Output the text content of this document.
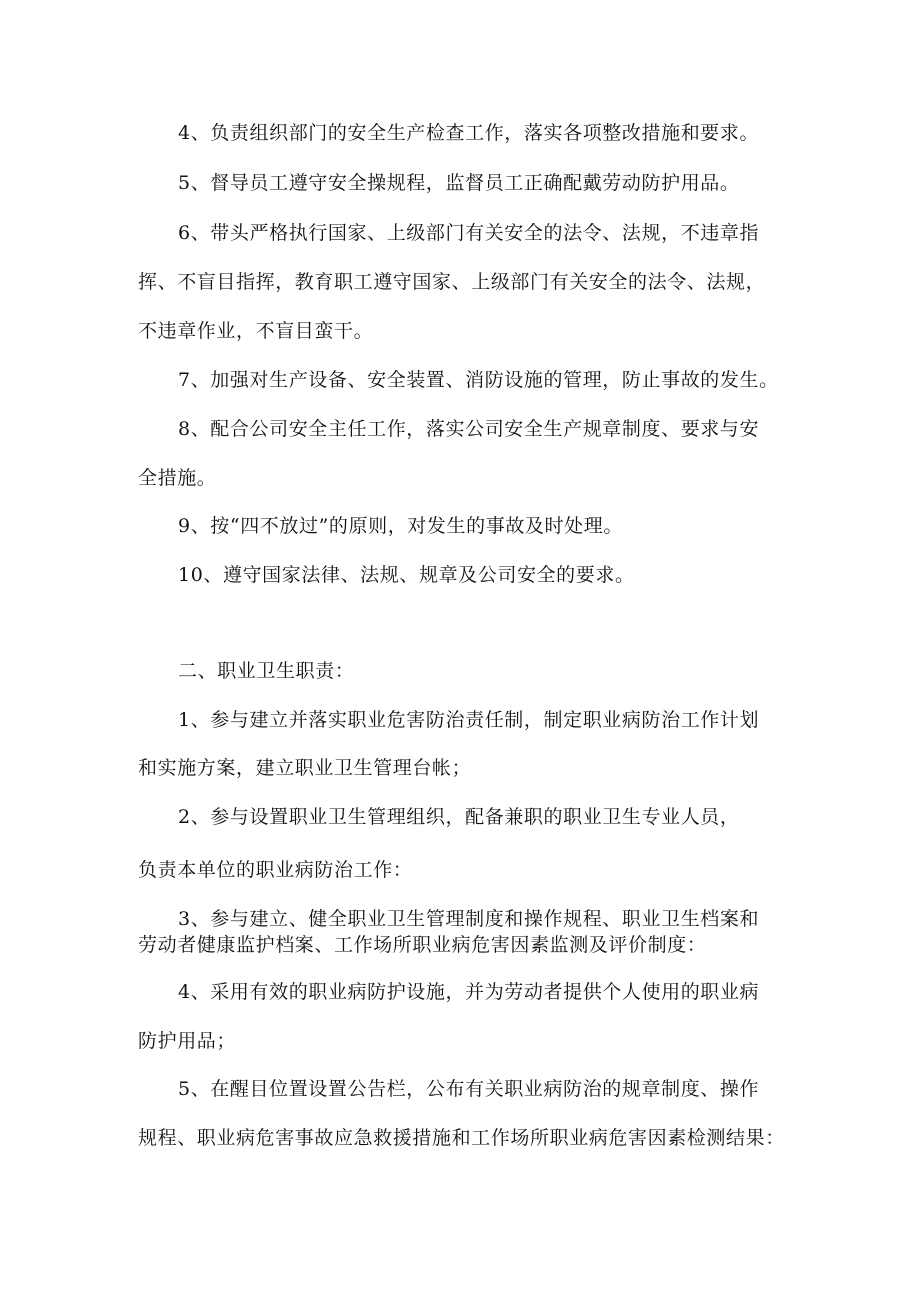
4、负责组织部门的安全生产检查工作，落实各项整改措施和要求。
5、督导员工遵守安全操规程，监督员工正确配戴劳动防护用品。
6、带头严格执行国家、上级部门有关安全的法令、法规，不违章指
挥、不盲目指挥，教育职工遵守国家、上级部门有关安全的法令、法规，
不违章作业，不盲目蛮干。
7、加强对生产设备、安全装置、消防设施的管理，防止事故的发生。
8、配合公司安全主任工作，落实公司安全生产规章制度、要求与安
全措施。
9、按“四不放过”的原则，对发生的事故及时处理。
10、遵守国家法律、法规、规章及公司安全的要求。
二、职业卫生职责：
1、参与建立并落实职业危害防治责任制，制定职业病防治工作计划
和实施方案，建立职业卫生管理台帐；
2、参与设置职业卫生管理组织，配备兼职的职业卫生专业人员，
负责本单位的职业病防治工作：
3、参与建立、健全职业卫生管理制度和操作规程、职业卫生档案和
劳动者健康监护档案、工作场所职业病危害因素监测及评价制度：
4、采用有效的职业病防护设施，并为劳动者提供个人使用的职业病
防护用品；
5、在醒目位置设置公告栏，公布有关职业病防治的规章制度、操作
规程、职业病危害事故应急救援措施和工作场所职业病危害因素检测结果：
